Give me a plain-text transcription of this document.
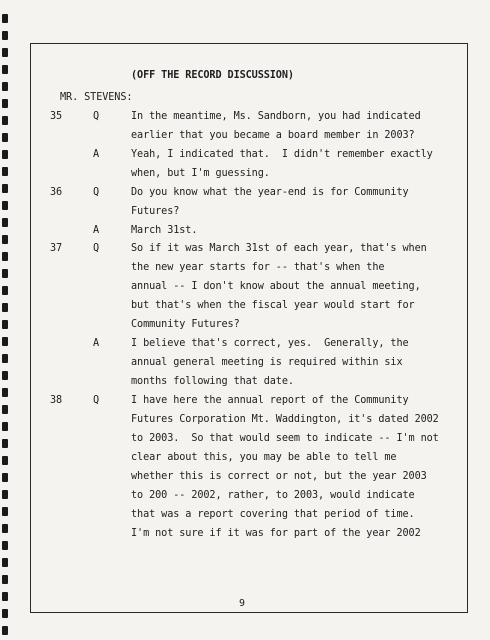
(OFF THE RECORD DISCUSSION)
MR. STEVENS:
35	Q	In the meantime, Ms. Sandborn, you had indicated
earlier that you became a board member in 2003?
A	Yeah, I indicated that.  I didn't remember exactly
when, but I'm guessing.
36	Q	Do you know what the year-end is for Community
Futures?
A	March 31st.
37	Q	So if it was March 31st of each year, that's when
the new year starts for -- that's when the
annual -- I don't know about the annual meeting,
but that's when the fiscal year would start for
Community Futures?
A	I believe that's correct, yes.  Generally, the
annual general meeting is required within six
months following that date.
38	Q	I have here the annual report of the Community
Futures Corporation Mt. Waddington, it's dated 2002
to 2003.  So that would seem to indicate -- I'm not
clear about this, you may be able to tell me
whether this is correct or not, but the year 2003
to 200 -- 2002, rather, to 2003, would indicate
that was a report covering that period of time.
I'm not sure if it was for part of the year 2002
9
